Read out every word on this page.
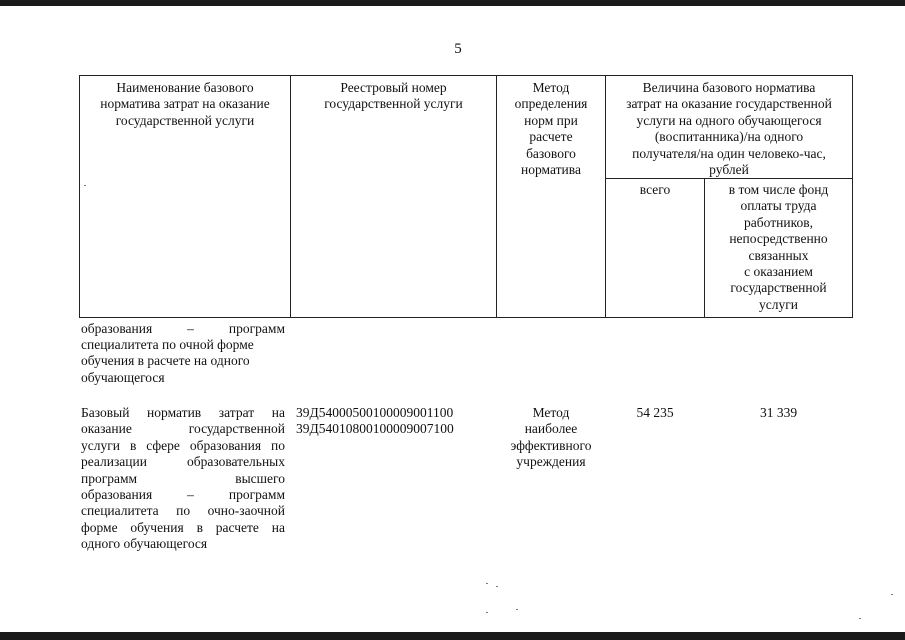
5
Наименование базового
норматива затрат на оказание
государственной услуги
Реестровый номер
государственной услуги
Метод
определения
норм при
расчете
базового
норматива
Величина базового норматива
затрат на оказание государственной
услуги на одного обучающегося
(воспитанника)/на одного
получателя/на один человеко-час,
рублей
всего	в том числе фонд
оплаты труда
работников,
непосредственно
связанных
с оказанием
государственной
услуги
образования – программ
специалитета по очной форме
обучения в расчете на одного
обучающегося
Базовый норматив затрат на
оказание государственной
услуги в сфере образования по
реализации образовательных
программ высшего
образования – программ
специалитета по очно-заочной
форме обучения в расчете на
одного обучающегося
39Д54000500100009001100
39Д54010800100009007100
Метод
наиболее
эффективного
учреждения
54 235	31 339
